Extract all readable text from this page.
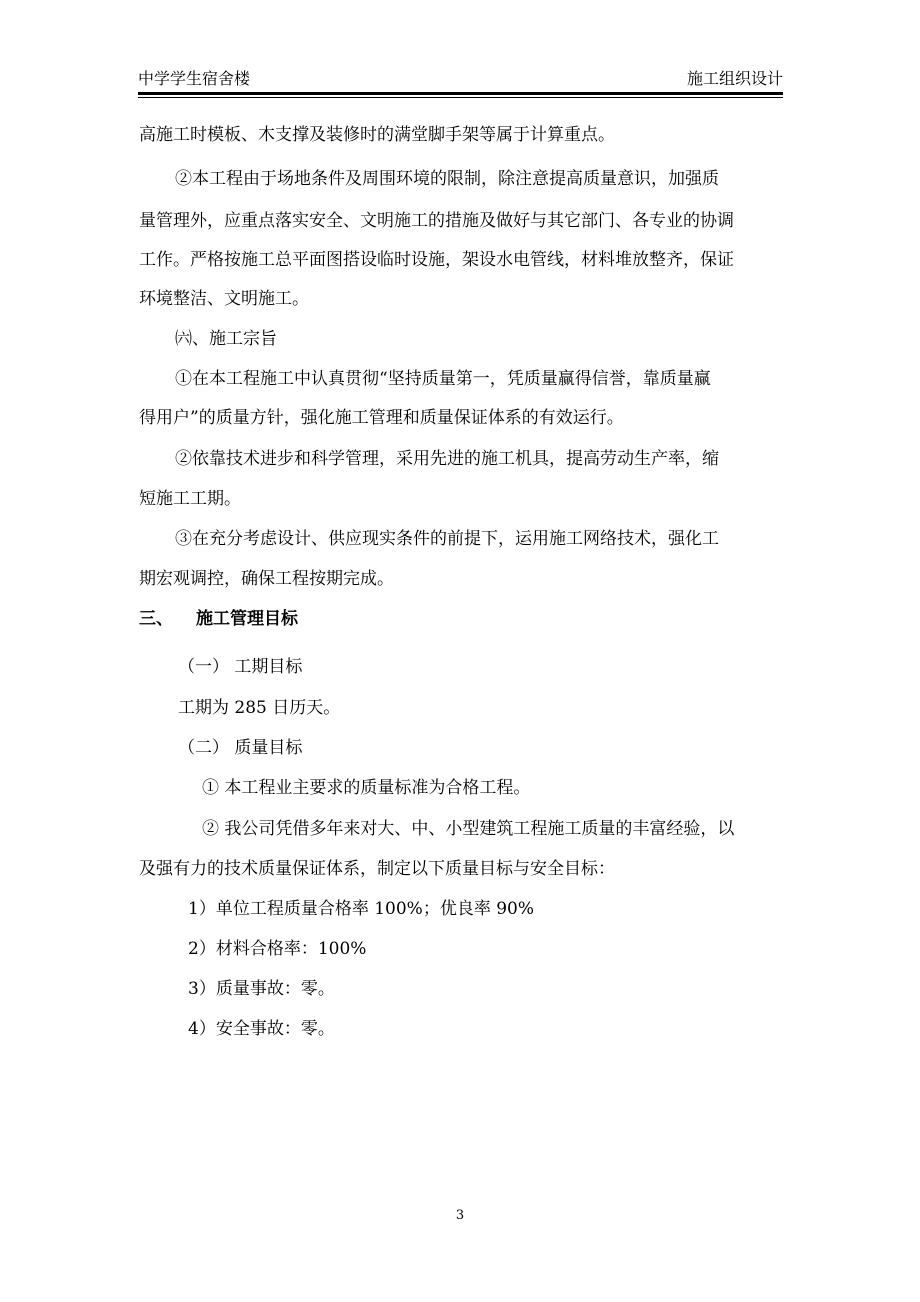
中学学生宿舍楼	施工组织设计
高施工时模板、木支撑及装修时的满堂脚手架等属于计算重点。
②本工程由于场地条件及周围环境的限制，除注意提高质量意识，加强质
量管理外，应重点落实安全、文明施工的措施及做好与其它部门、各专业的协调
工作。严格按施工总平面图搭设临时设施，架设水电管线，材料堆放整齐，保证
环境整洁、文明施工。
㈥、施工宗旨
①在本工程施工中认真贯彻“坚持质量第一，凭质量赢得信誉，靠质量赢
得用户”的质量方针，强化施工管理和质量保证体系的有效运行。
②依靠技术进步和科学管理，采用先进的施工机具，提高劳动生产率，缩
短施工工期。
③在充分考虑设计、供应现实条件的前提下，运用施工网络技术，强化工
期宏观调控，确保工程按期完成。
三、 施工管理目标
（一） 工期目标
工期为 285 日历天。
（二） 质量目标
① 本工程业主要求的质量标准为合格工程。
② 我公司凭借多年来对大、中、小型建筑工程施工质量的丰富经验，以
及强有力的技术质量保证体系，制定以下质量目标与安全目标：
1）单位工程质量合格率 100%；优良率 90%
2）材料合格率：100%
3）质量事故：零。
4）安全事故：零。
3
